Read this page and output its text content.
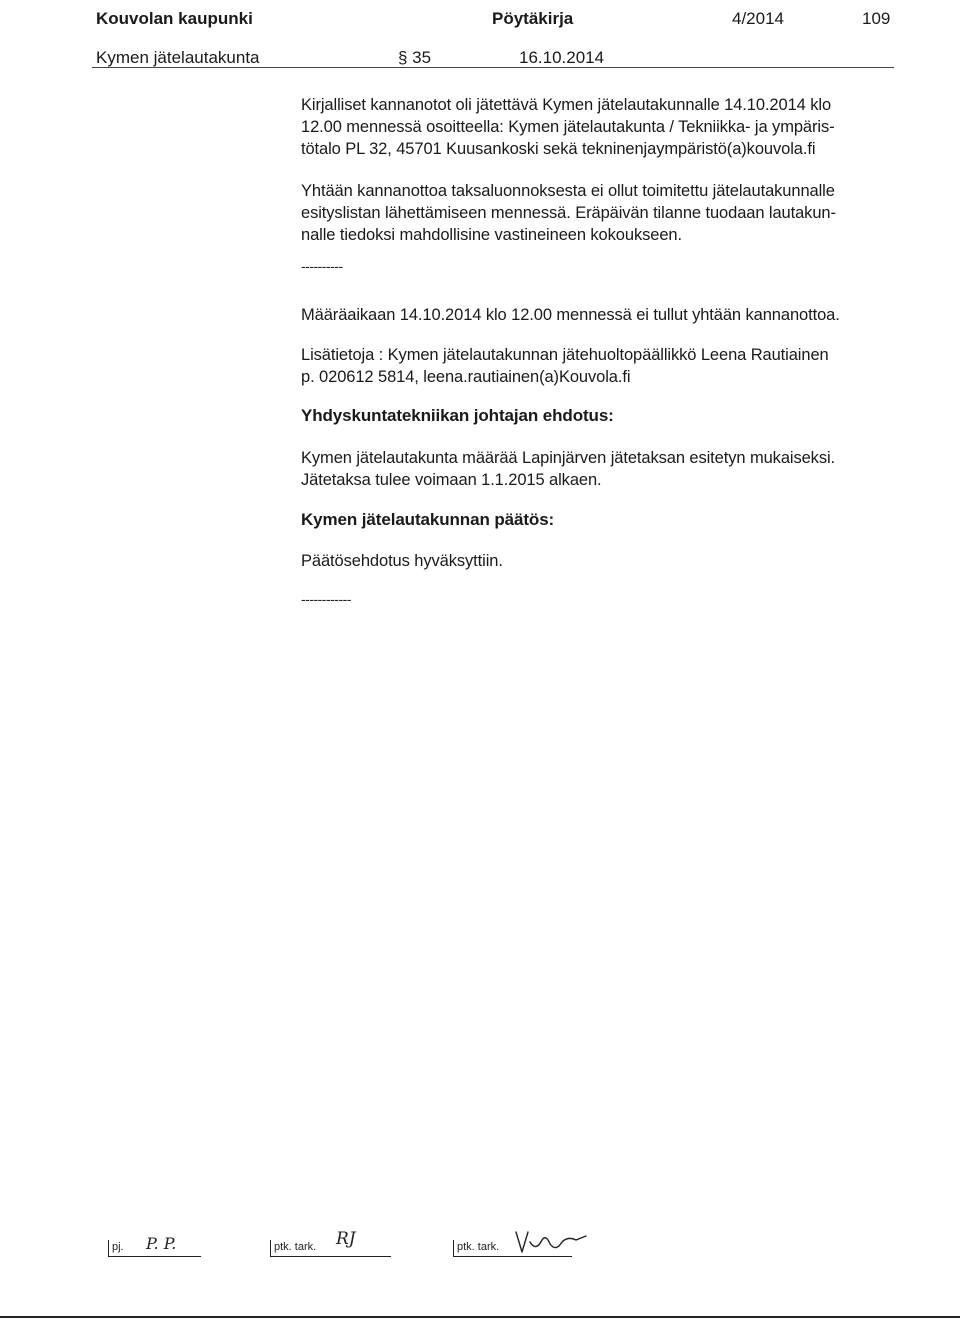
Kouvolan kaupunki	Pöytäkirja	4/2014	109
Kymen jätelautakunta	§ 35	16.10.2014
Kirjalliset kannanotot oli jätettävä Kymen jätelautakunnalle 14.10.2014 klo
12.00 mennessä osoitteella: Kymen jätelautakunta / Tekniikka- ja ympäris-
tötalo PL 32, 45701 Kuusankoski sekä tekninenjaympäristö(a)kouvola.fi
Yhtään kannanottoa taksaluonnoksesta ei ollut toimitettu jätelautakunnalle
esityslistan lähettämiseen mennessä. Eräpäivän tilanne tuodaan lautakun-
nalle tiedoksi mahdollisine vastineineen kokoukseen.
----------
Määräaikaan 14.10.2014 klo 12.00 mennessä ei tullut yhtään kannanottoa.
Lisätietoja : Kymen jätelautakunnan jätehuoltopäällikkö Leena Rautiainen
p. 020612 5814, leena.rautiainen(a)Kouvola.fi
Yhdyskuntatekniikan johtajan ehdotus:
Kymen jätelautakunta määrää Lapinjärven jätetaksan esitetyn mukaiseksi.
Jätetaksa tulee voimaan 1.1.2015 alkaen.
Kymen jätelautakunnan päätös:
Päätösehdotus hyväksyttiin.
------------
pj. P. P.	ptk. tark. RJ	ptk. tark.
